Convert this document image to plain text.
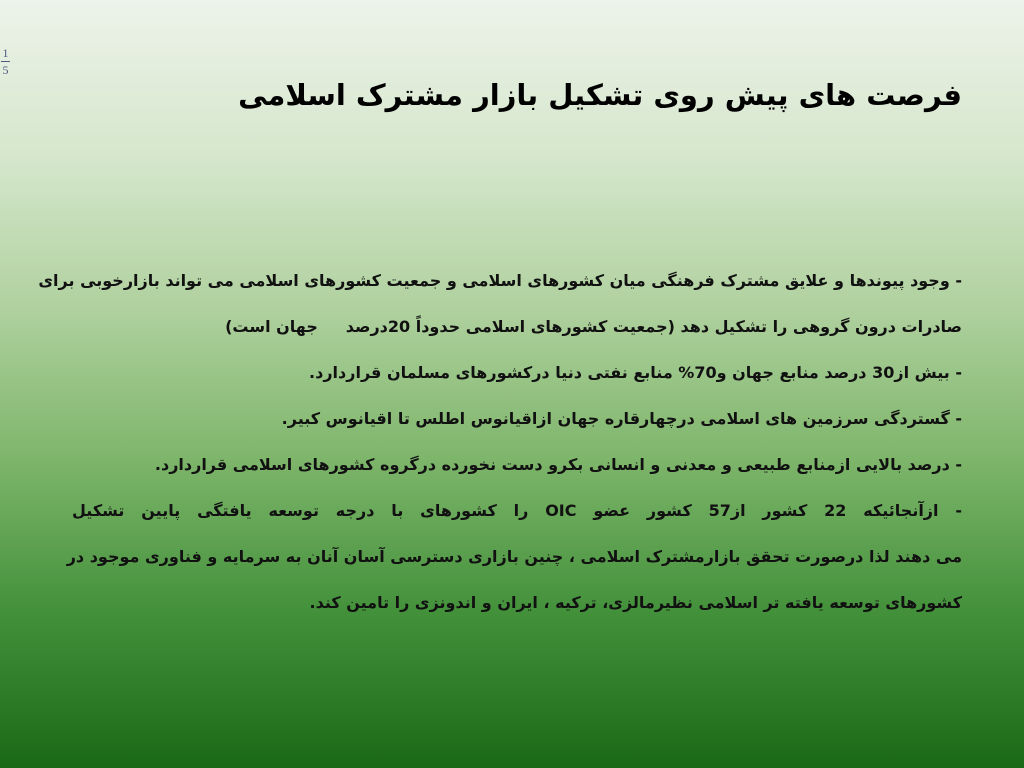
1
5
فرصت های پیش روی تشکیل بازار مشترک اسلامی
- وجود پیوندها و علایق مشترک فرهنگی میان کشورهای اسلامی و جمعیت کشورهای اسلامی می تواند بازارخوبی برای
صادرات درون گروهی را تشکیل دهد (جمعیت کشورهای اسلامی حدوداً 20درصد     جهان است)
- بیش از30 درصد منابع جهان و70% منابع نفتی دنیا درکشورهای مسلمان قراردارد.
- گستردگی سرزمین های اسلامی درچهارقاره جهان ازاقیانوس اطلس تا اقیانوس کبیر.
- درصد بالایی ازمنابع طبیعی و معدنی و انسانی بکرو دست نخورده درگروه کشورهای اسلامی قراردارد.
- ازآنجائیکه 22 کشور از57 کشور عضو OIC را کشورهای با درجه توسعه یافتگی پایین تشکیل
می دهند لذا درصورت تحقق بازارمشترک اسلامی ، چنین بازاری دسترسی آسان آنان به سرمایه و فناوری موجود در
کشورهای توسعه یافته تر اسلامی نظیرمالزی، ترکیه ، ایران و اندونزی را تامین کند.
